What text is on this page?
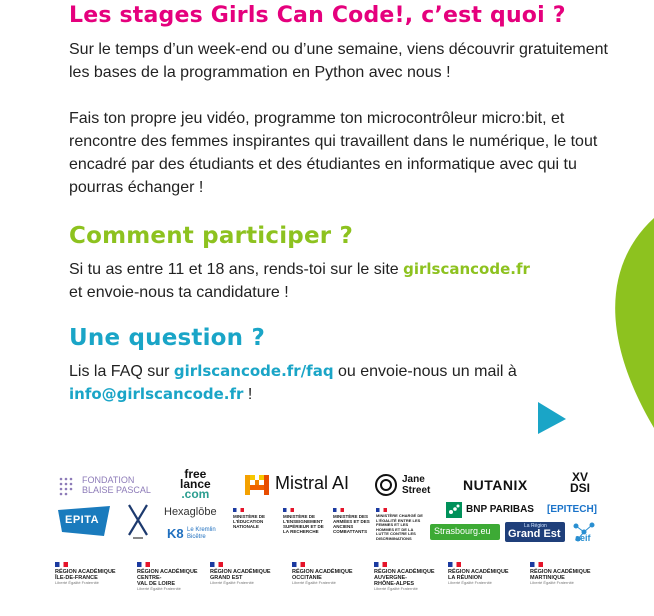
Les stages Girls Can Code!, c’est quoi ?

Sur le temps d’un week-end ou d’une semaine, viens découvrir gratuitement les bases de la programmation en Python avec nous !

Fais ton propre jeu vidéo, programme ton microcontrôleur micro:bit, et rencontre des femmes inspirantes qui travaillent dans le numérique, le tout encadré par des étudiants et des étudiantes en informatique avec qui tu pourras échanger !

Comment participer ?

Si tu as entre 11 et 18 ans, rends-toi sur le site girlscancode.fr
et envoie-nous ta candidature !

Une question ?

Lis la FAQ sur girlscancode.fr/faq ou envoie-nous un mail à
info@girlscancode.fr !

FONDATION
BLAISE PASCAL
free
lance
.com
Mistral AI	Jane
Street NUTANIX	XV
DSI
EPITA
Hexaglōbe
K8 Le Kremlin
Bicêtre
MINISTÈRE DE L'ÉDUCATION NATIONALE
MINISTÈRE DE L'ENSEIGNEMENT SUPÉRIEUR ET DE LA RECHERCHE
MINISTÈRE DES ARMÉES ET DES ANCIENS COMBATTANTS
MINISTÈRE CHARGÉ DE L'ÉGALITÉ ENTRE LES FEMMES ET LES HOMMES ET DE LA LUTTE CONTRE LES DISCRIMINATIONS
BNP PARIBAS [EPITECH]
Strasbourg.eu	La Région
Grand Est aeif
RÉGION ACADÉMIQUE
ÎLE-DE-FRANCE
Liberté Égalité Fraternité
RÉGION ACADÉMIQUE
CENTRE-
VAL DE LOIRE
Liberté Égalité Fraternité
RÉGION ACADÉMIQUE
GRAND EST
Liberté Égalité Fraternité
RÉGION ACADÉMIQUE
OCCITANIE
Liberté Égalité Fraternité
RÉGION ACADÉMIQUE
AUVERGNE-
RHÔNE-ALPES
Liberté Égalité Fraternité
RÉGION ACADÉMIQUE
LA RÉUNION
Liberté Égalité Fraternité
RÉGION ACADÉMIQUE
MARTINIQUE
Liberté Égalité Fraternité
